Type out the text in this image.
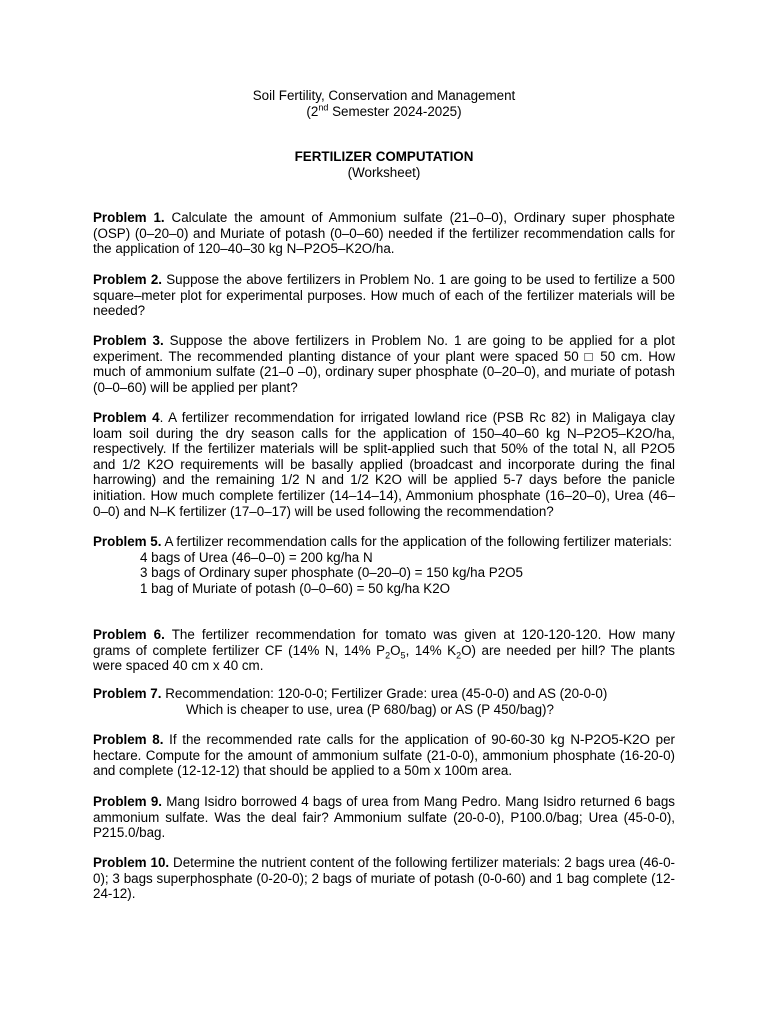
Soil Fertility, Conservation and Management
(2nd Semester 2024-2025)
FERTILIZER COMPUTATION
(Worksheet)

Problem 1. Calculate the amount of Ammonium sulfate (21–0–0), Ordinary super phosphate (OSP) (0–20–0) and Muriate of potash (0–0–60) needed if the fertilizer recommendation calls for the application of 120–40–30 kg N–P2O5–K2O/ha.

Problem 2. Suppose the above fertilizers in Problem No. 1 are going to be used to fertilize a 500 square–meter plot for experimental purposes. How much of each of the fertilizer materials will be needed?

Problem 3. Suppose the above fertilizers in Problem No. 1 are going to be applied for a plot experiment. The recommended planting distance of your plant were spaced 50 □ 50 cm. How much of ammonium sulfate (21–0 –0), ordinary super phosphate (0–20–0), and muriate of potash (0–0–60) will be applied per plant?

Problem 4. A fertilizer recommendation for irrigated lowland rice (PSB Rc 82) in Maligaya clay loam soil during the dry season calls for the application of 150–40–60 kg N–P2O5–K2O/ha, respectively. If the fertilizer materials will be split-applied such that 50% of the total N, all P2O5 and 1/2 K2O requirements will be basally applied (broadcast and incorporate during the final harrowing) and the remaining 1/2 N and 1/2 K2O will be applied 5-7 days before the panicle initiation. How much complete fertilizer (14–14–14), Ammonium phosphate (16–20–0), Urea (46–0–0) and N–K fertilizer (17–0–17) will be used following the recommendation?

Problem 5. A fertilizer recommendation calls for the application of the following fertilizer materials:

4 bags of Urea (46–0–0) = 200 kg/ha N

3 bags of Ordinary super phosphate (0–20–0) = 150 kg/ha P2O5

1 bag of Muriate of potash (0–0–60) = 50 kg/ha K2O

Problem 6. The fertilizer recommendation for tomato was given at 120-120-120. How many grams of complete fertilizer CF (14% N, 14% $P_2O_5$, 14% $K_2O$) are needed per hill? The plants were spaced 40 cm x 40 cm.

Problem 7. Recommendation: 120-0-0; Fertilizer Grade: urea (45-0-0) and AS (20-0-0)

Which is cheaper to use, urea (P 680/bag) or AS (P 450/bag)?

Problem 8. If the recommended rate calls for the application of 90-60-30 kg N-P2O5-K2O per hectare. Compute for the amount of ammonium sulfate (21-0-0), ammonium phosphate (16-20-0) and complete (12-12-12) that should be applied to a 50m x 100m area.

Problem 9. Mang Isidro borrowed 4 bags of urea from Mang Pedro. Mang Isidro returned 6 bags ammonium sulfate. Was the deal fair? Ammonium sulfate (20-0-0), P100.0/bag; Urea (45-0-0), P215.0/bag.

Problem 10. Determine the nutrient content of the following fertilizer materials: 2 bags urea (46-0-0); 3 bags superphosphate (0-20-0); 2 bags of muriate of potash (0-0-60) and 1 bag complete (12-24-12).
